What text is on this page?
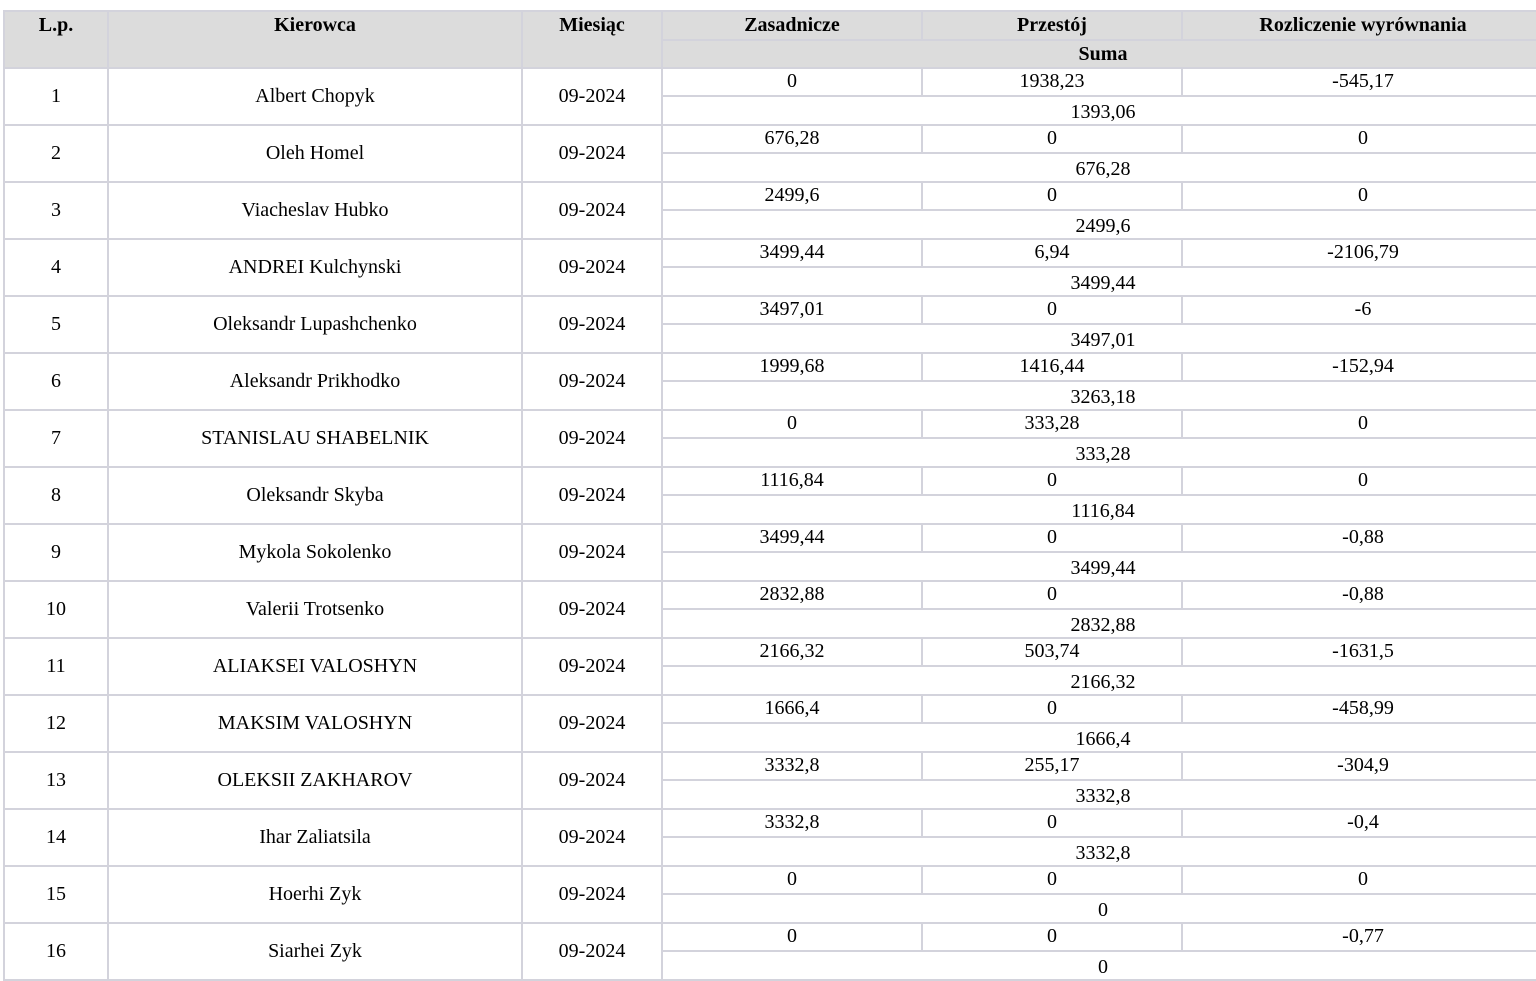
L.p.	Kierowca	Miesiąc	Zasadnicze	Przestój	Rozliczenie wyrównania
			Suma		
1	Albert Chopyk	09-2024	0	1938,23	-545,17
			1393,06		
2	Oleh Homel	09-2024	676,28	0	0
			676,28		
3	Viacheslav Hubko	09-2024	2499,6	0	0
			2499,6		
4	ANDREI Kulchynski	09-2024	3499,44	6,94	-2106,79
			3499,44		
5	Oleksandr Lupashchenko	09-2024	3497,01	0	-6
			3497,01		
6	Aleksandr Prikhodko	09-2024	1999,68	1416,44	-152,94
			3263,18		
7	STANISLAU SHABELNIK	09-2024	0	333,28	0
			333,28		
8	Oleksandr Skyba	09-2024	1116,84	0	0
			1116,84		
9	Mykola Sokolenko	09-2024	3499,44	0	-0,88
			3499,44		
10	Valerii Trotsenko	09-2024	2832,88	0	-0,88
			2832,88		
11	ALIAKSEI VALOSHYN	09-2024	2166,32	503,74	-1631,5
			2166,32		
12	MAKSIM VALOSHYN	09-2024	1666,4	0	-458,99
			1666,4		
13	OLEKSII ZAKHAROV	09-2024	3332,8	255,17	-304,9
			3332,8		
14	Ihar Zaliatsila	09-2024	3332,8	0	-0,4
			3332,8		
15	Hoerhi Zyk	09-2024	0	0	0
			0		
16	Siarhei Zyk	09-2024	0	0	-0,77
			0		
